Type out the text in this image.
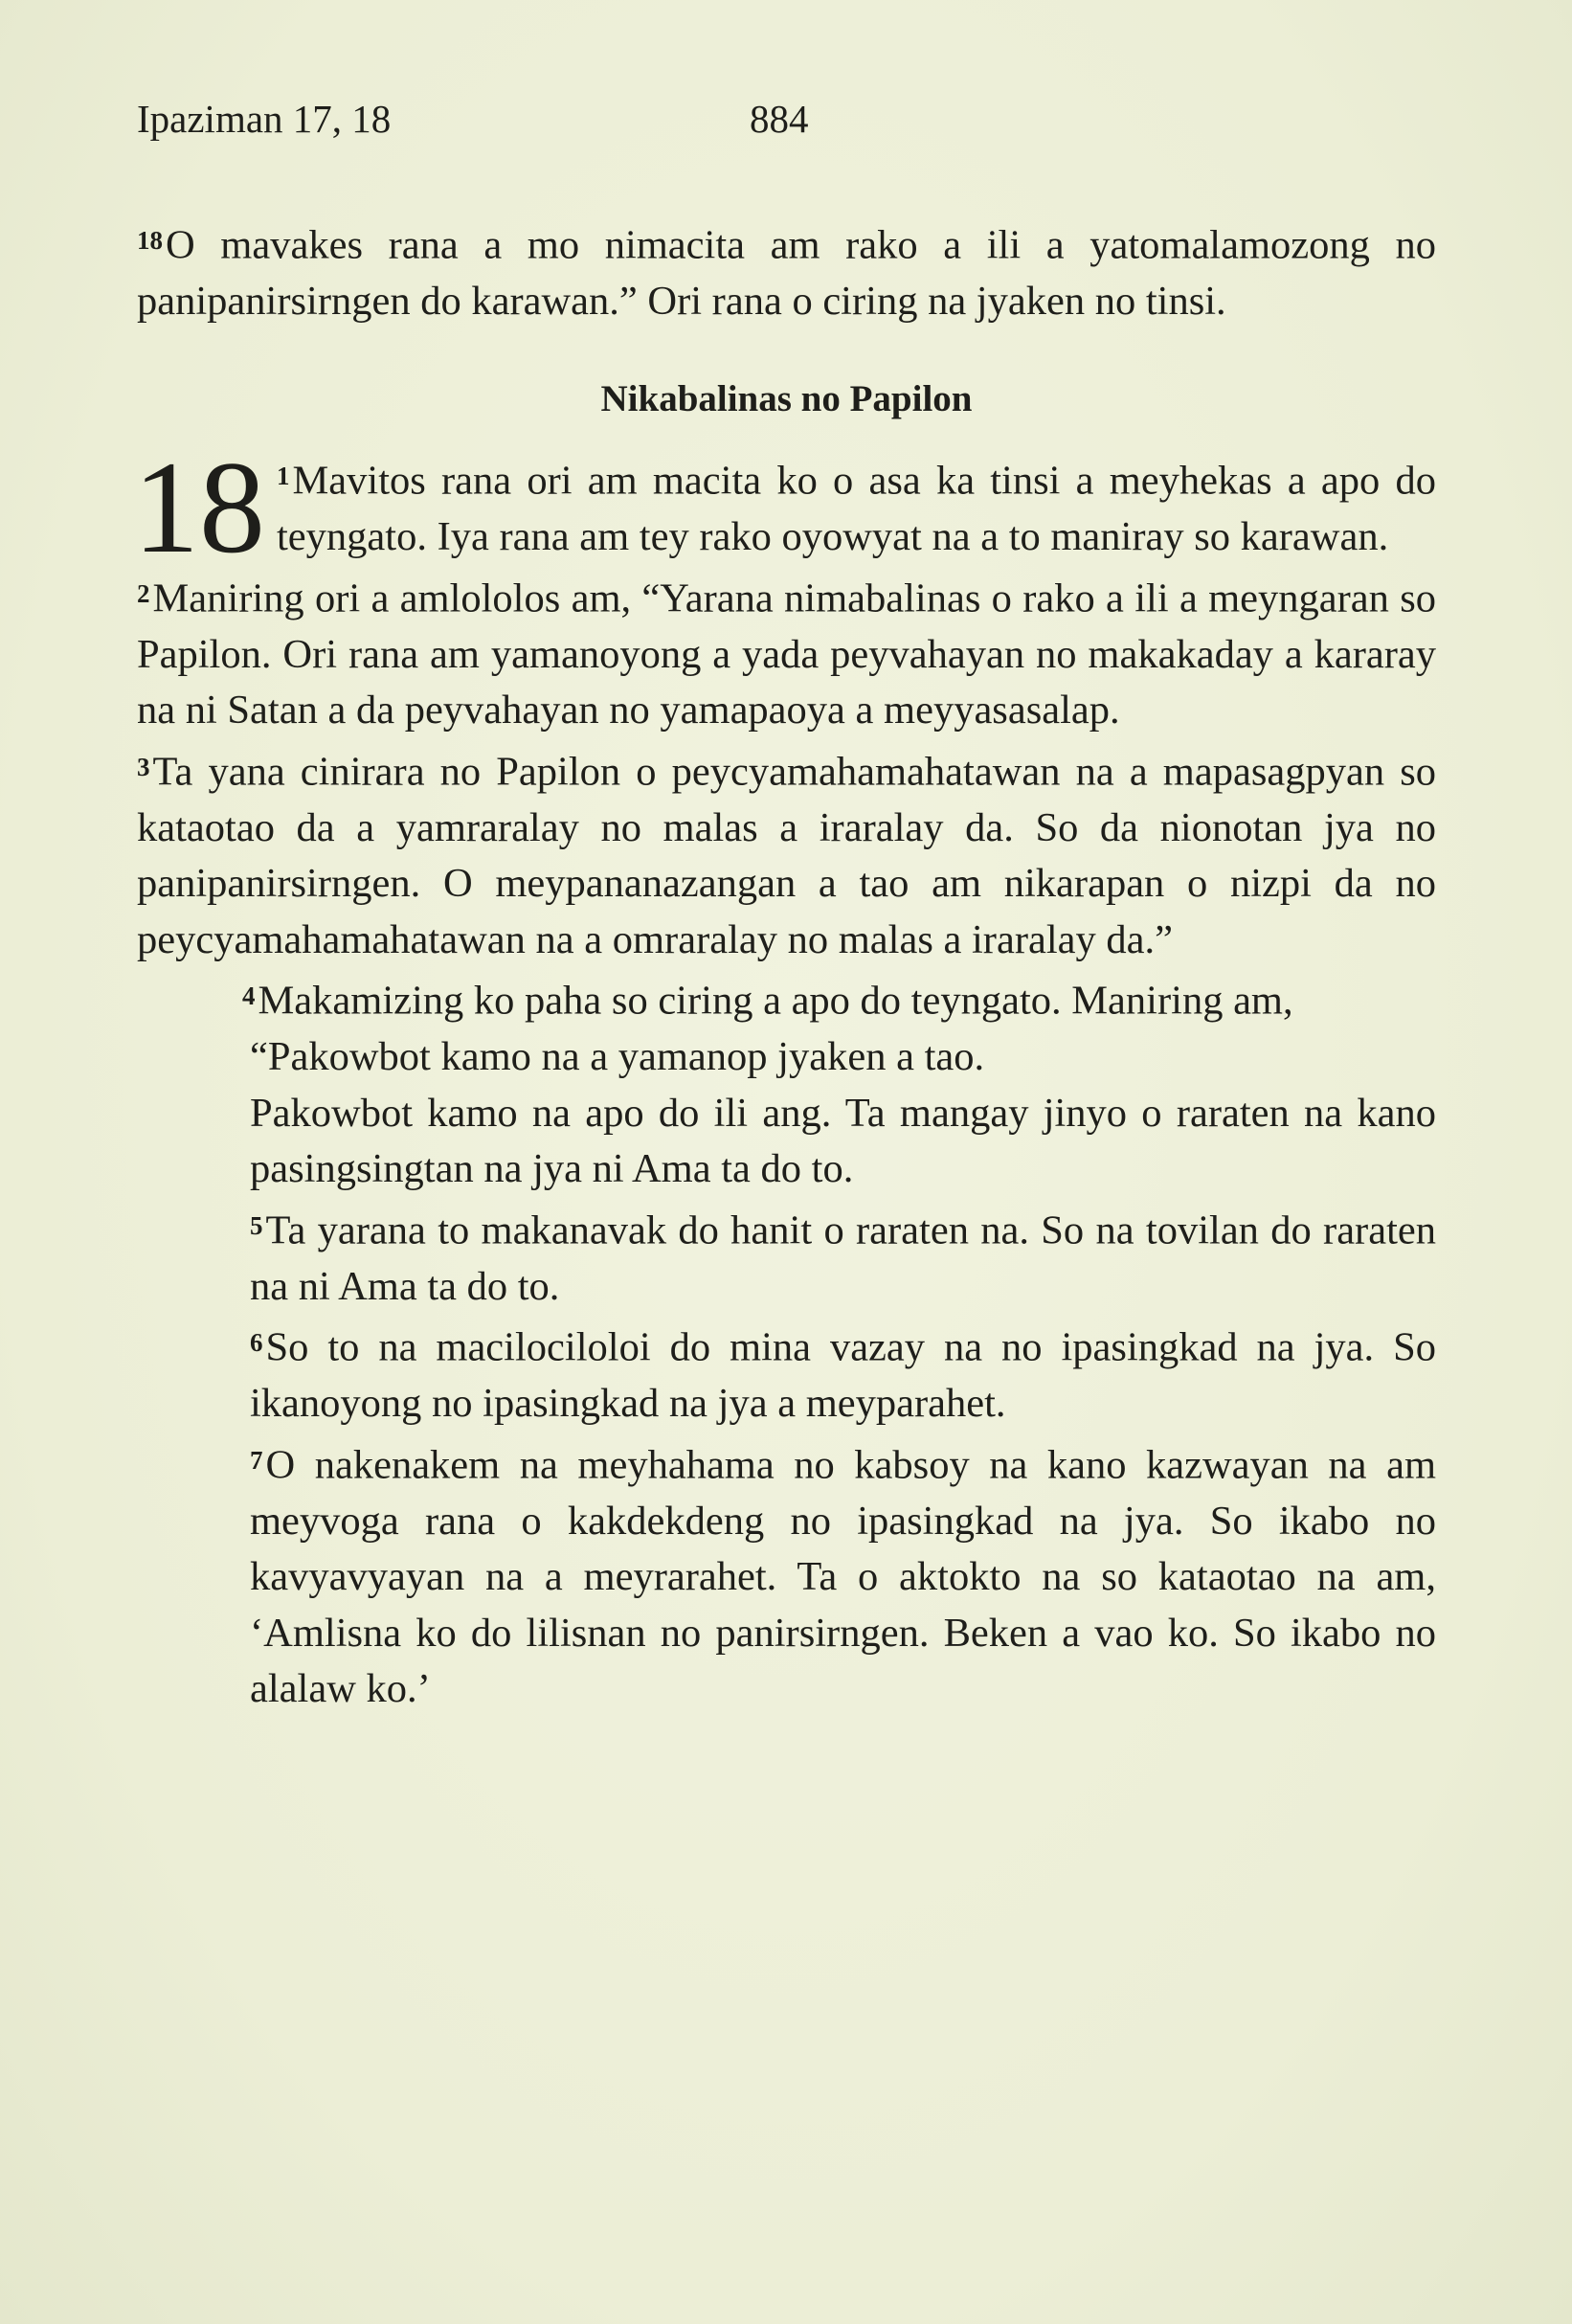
Ipaziman 17, 18	884

$^{18}$O mavakes rana a mo nimacita am rako a ili a yatomalamozong no panipanirsirngen do karawan.” Ori rana o ciring na jyaken no tinsi.

Nikabalinas no Papilon

18 $^1$Mavitos rana ori am macita ko o asa ka tinsi a meyhekas a apo do teyngato. Iya rana am tey rako oyowyat na a to maniray so karawan.

$^2$Maniring ori a amlololos am, “Yarana nimabalinas o rako a ili a meyngaran so Papilon. Ori rana am yamanoyong a yada peyvahayan no makakaday a kararay na ni Satan a da peyvahayan no yamapaoya a meyyasasalap.

$^3$Ta yana cinirara no Papilon o peycyamahamahatawan na a mapasagpyan so kataotao da a yamraralay no malas a iraralay da. So da nionotan jya no panipanirsirngen. O meypananazangan a tao am nikarapan o nizpi da no peycyamahamahatawan na a omraralay no malas a iraralay da.”

$^4$Makamizing ko paha so ciring a apo do teyngato. Maniring am,

“Pakowbot kamo na a yamanop jyaken a tao.

Pakowbot kamo na apo do ili ang. Ta mangay jinyo o raraten na kano pasingsingtan na jya ni Ama ta do to.

$^5$Ta yarana to makanavak do hanit o raraten na. So na tovilan do raraten na ni Ama ta do to.

$^6$So to na macilociloloi do mina vazay na no ipasingkad na jya. So ikanoyong no ipasingkad na jya a meyparahet.

$^7$O nakenakem na meyhahama no kabsoy na kano kazwayan na am meyvoga rana o kakdekdeng no ipasingkad na jya. So ikabo no kavyavyayan na a meyrarahet. Ta o aktokto na so kataotao na am, ‘Amlisna ko do lilisnan no panirsirngen. Beken a vao ko. So ikabo no alalaw ko.’
